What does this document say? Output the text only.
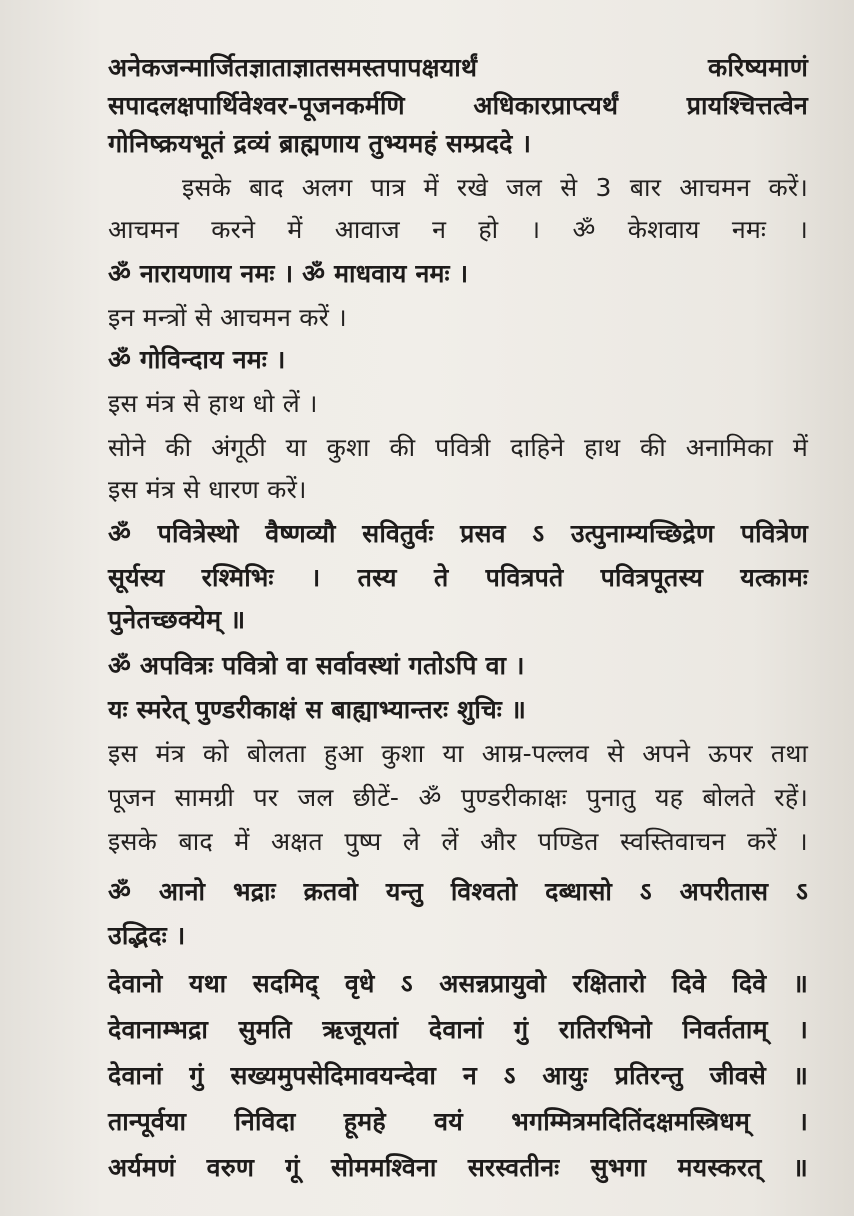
अनेकजन्मार्जितज्ञाताज्ञातसमस्तपापक्षयार्थं करिष्यमाणं
सपादलक्षपार्थिवेश्वर-पूजनकर्मणि अधिकारप्राप्त्यर्थं प्रायश्चित्तत्वेन
गोनिष्क्रयभूतं द्रव्यं ब्राह्मणाय तुभ्यमहं सम्प्रददे ।
इसके बाद अलग पात्र में रखे जल से 3 बार आचमन करें।
आचमन करने में आवाज न हो । ॐ केशवाय नमः ।
ॐ नारायणाय नमः । ॐ माधवाय नमः ।
इन मन्त्रों से आचमन करें ।
ॐ गोविन्दाय नमः ।
इस मंत्र से हाथ धो लें ।
सोने की अंगूठी या कुशा की पवित्री दाहिने हाथ की अनामिका में
इस मंत्र से धारण करें।
ॐ पवित्रेस्थो वैष्णव्यौ सवितुर्वः प्रसव ऽ उत्पुनाम्यच्छिद्रेण पवित्रेण
सूर्यस्य रश्मिभिः । तस्य ते पवित्रपते पवित्रपूतस्य यत्कामः
पुनेतच्छक्येम् ॥
ॐ अपवित्रः पवित्रो वा सर्वावस्थां गतोऽपि वा ।
यः स्मरेत् पुण्डरीकाक्षं स बाह्याभ्यान्तरः शुचिः ॥
इस मंत्र को बोलता हुआ कुशा या आम्र-पल्लव से अपने ऊपर तथा
पूजन सामग्री पर जल छीटें- ॐ पुण्डरीकाक्षः पुनातु यह बोलते रहें।
इसके बाद में अक्षत पुष्प ले लें और पण्डित स्वस्तिवाचन करें ।
ॐ आनो भद्राः क्रतवो यन्तु विश्वतो दब्धासो ऽ अपरीतास ऽ
उद्भिदः ।
देवानो यथा सदमिद् वृधे ऽ असन्नप्रायुवो रक्षितारो दिवे दिवे ॥
देवानाम्भद्रा सुमति ऋजूयतां देवानां गुं रातिरभिनो निवर्तताम् ।
देवानां गुं सख्यमुपसेदिमावयन्देवा न ऽ आयुः प्रतिरन्तु जीवसे ॥
तान्पूर्वया निविदा हूमहे वयं भगम्मित्रमदितिंदक्षमस्त्रिधम् ।
अर्यमणं वरुण गूं सोममश्विना सरस्वतीनः सुभगा मयस्करत् ॥
